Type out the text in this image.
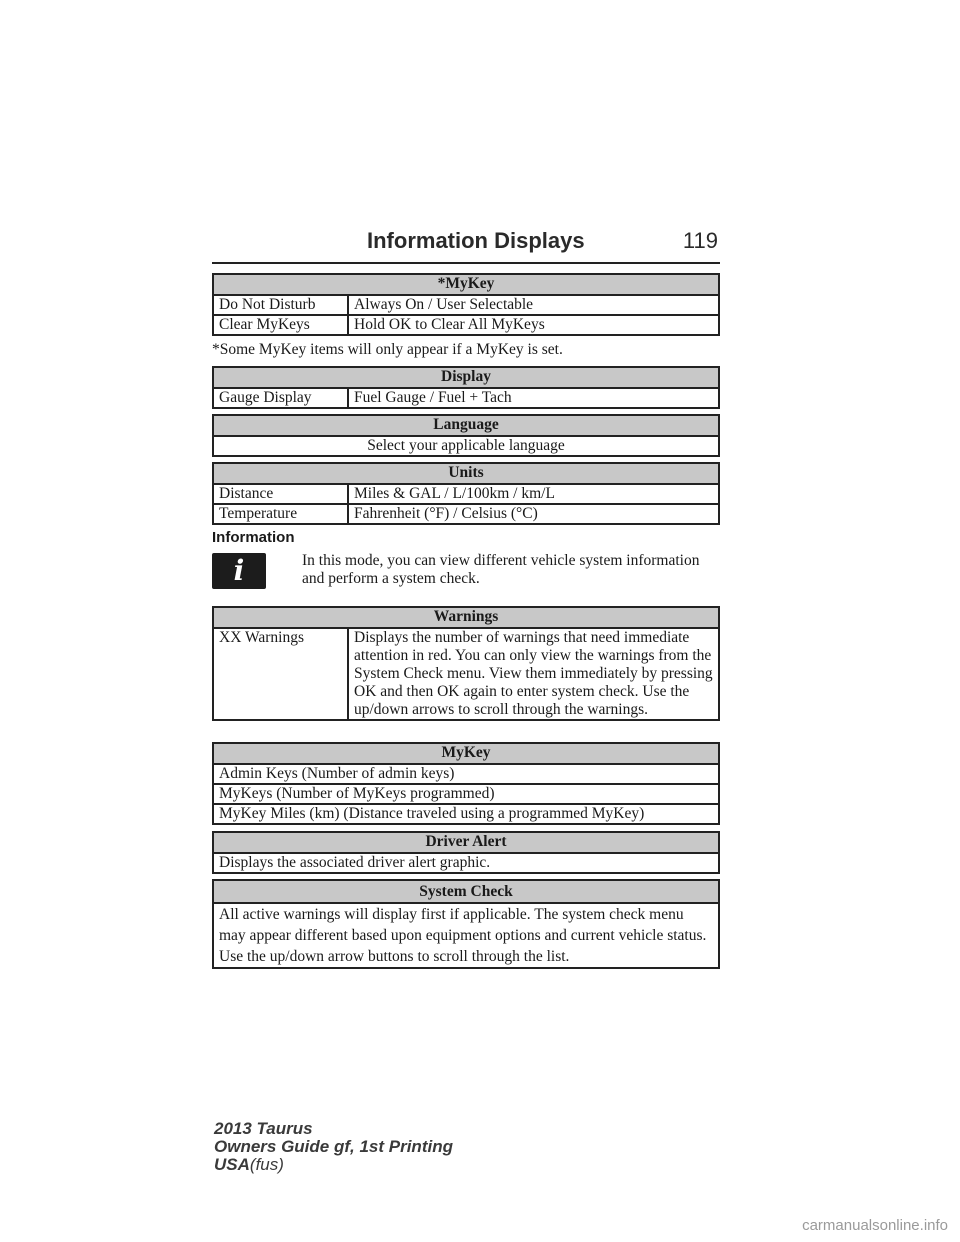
Information Displays	119
*MyKey	
Do Not Disturb	Always On / User Selectable
Clear MyKeys	Hold OK to Clear All MyKeys
*Some MyKey items will only appear if a MyKey is set.
Display
Gauge Display	Fuel Gauge / Fuel + Tach
Language
Select your applicable language
Units	
Distance	Miles & GAL / L/100km / km/L
Temperature	Fahrenheit (°F) / Celsius (°C)
Information
i	In this mode, you can view different vehicle system information and perform a system check.
Warnings
XX Warnings	Displays the number of warnings that need immediate attention in red. You can only view the warnings from the System Check menu. View them immediately by pressing OK and then OK again to enter system check. Use the up/down arrows to scroll through the warnings.
MyKey
Admin Keys (Number of admin keys)
MyKeys (Number of MyKeys programmed)
MyKey Miles (km) (Distance traveled using a programmed MyKey)
Driver Alert
Displays the associated driver alert graphic.
System Check
All active warnings will display first if applicable. The system check menu may appear different based upon equipment options and current vehicle status. Use the up/down arrow buttons to scroll through the list.
2013 Taurus
Owners Guide gf, 1st Printing
USA(fus)
carmanualsonline.info
